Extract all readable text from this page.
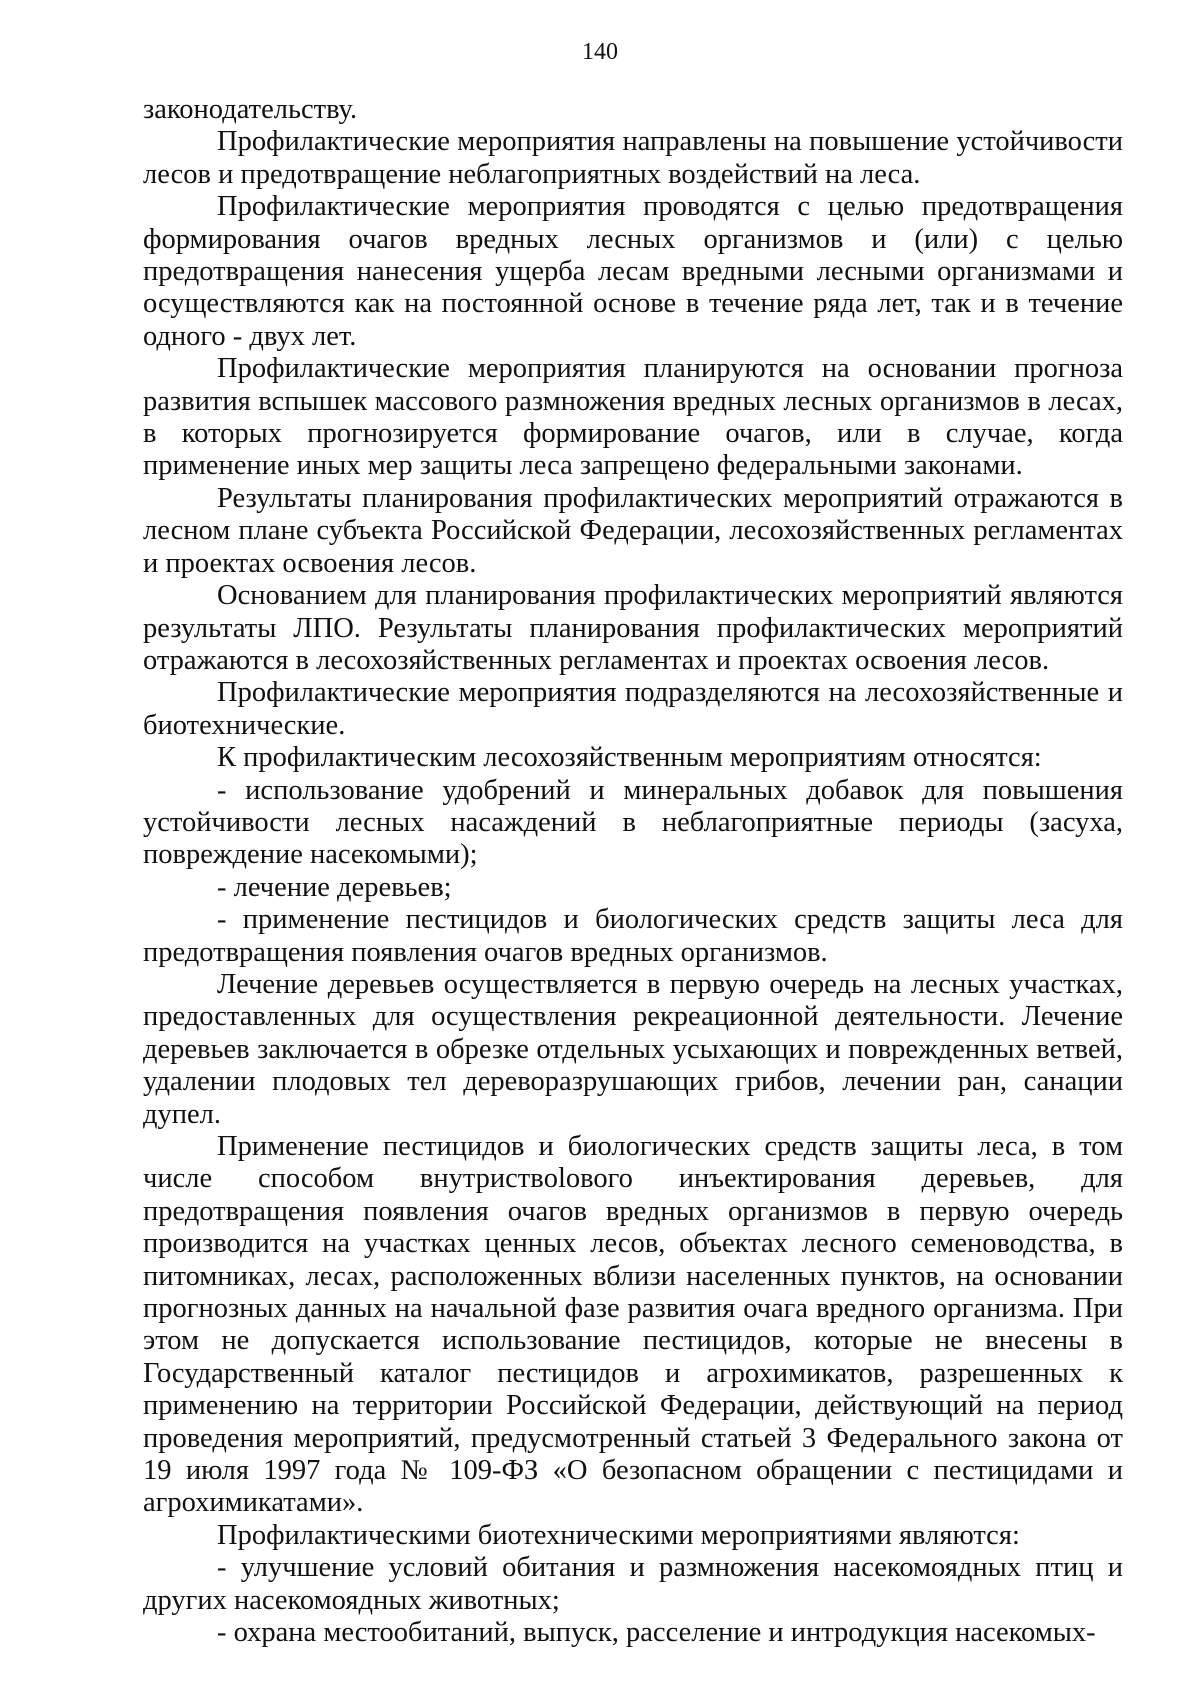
140

законодательству.

Профилактические мероприятия направлены на повышение устойчивости лесов и предотвращение неблагоприятных воздействий на леса.

Профилактические мероприятия проводятся с целью предотвращения формирования очагов вредных лесных организмов и (или) с целью предотвращения нанесения ущерба лесам вредными лесными организмами и осуществляются как на постоянной основе в течение ряда лет, так и в течение одного - двух лет.

Профилактические мероприятия планируются на основании прогноза развития вспышек массового размножения вредных лесных организмов в лесах, в которых прогнозируется формирование очагов, или в случае, когда применение иных мер защиты леса запрещено федеральными законами.

Результаты планирования профилактических мероприятий отражаются в лесном плане субъекта Российской Федерации, лесохозяйственных регламентах и проектах освоения лесов.

Основанием для планирования профилактических мероприятий являются результаты ЛПО. Результаты планирования профилактических мероприятий отражаются в лесохозяйственных регламентах и проектах освоения лесов.

Профилактические мероприятия подразделяются на лесохозяйственные и биотехнические.

К профилактическим лесохозяйственным мероприятиям относятся:

- использование удобрений и минеральных добавок для повышения устойчивости лесных насаждений в неблагоприятные периоды (засуха, повреждение насекомыми);

- лечение деревьев;

- применение пестицидов и биологических средств защиты леса для предотвращения появления очагов вредных организмов.

Лечение деревьев осуществляется в первую очередь на лесных участках, предоставленных для осуществления рекреационной деятельности. Лечение деревьев заключается в обрезке отдельных усыхающих и поврежденных ветвей, удалении плодовых тел дереворазрушающих грибов, лечении ран, санации дупел.

Применение пестицидов и биологических средств защиты леса, в том числе способом внутриствolового инъектирования деревьев, для предотвращения появления очагов вредных организмов в первую очередь производится на участках ценных лесов, объектах лесного семеноводства, в питомниках, лесах, расположенных вблизи населенных пунктов, на основании прогнозных данных на начальной фазе развития очага вредного организма. При этом не допускается использование пестицидов, которые не внесены в Государственный каталог пестицидов и агрохимикатов, разрешенных к применению на территории Российской Федерации, действующий на период проведения мероприятий, предусмотренный статьей 3 Федерального закона от 19 июля 1997 года № 109-ФЗ «О безопасном обращении с пестицидами и агрохимикатами».

Профилактическими биотехническими мероприятиями являются:

- улучшение условий обитания и размножения насекомоядных птиц и других насекомоядных животных;

- охрана местообитаний, выпуск, расселение и интродукция насекомых-
